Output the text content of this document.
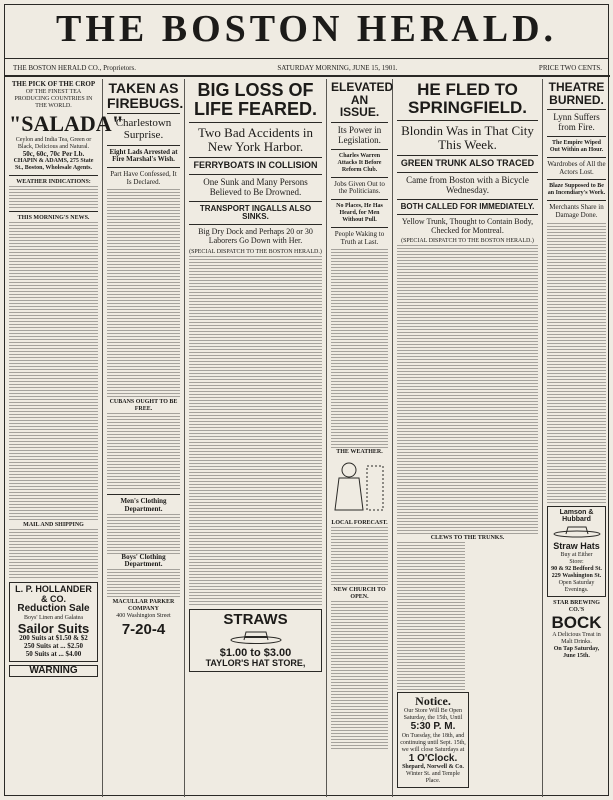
THE BOSTON HERALD.
THE BOSTON HERALD CO., Proprietors.	SATURDAY MORNING, JUNE 15, 1901.	PRICE TWO CENTS.
THE PICK OF THE CROP
OF THE FINEST TEA PRODUCING COUNTRIES IN THE WORLD.
"SALADA"
Ceylon and India Tea, Green or Black, Delicious and Natural.
50c, 60c, 70c Per Lb.
CHAPIN & ADAMS, 275 State St., Boston, Wholesale Agents.
WEATHER INDICATIONS:
THIS MORNING'S NEWS.
MAIL AND SHIPPING
L. P. HOLLANDER & CO.
Reduction Sale
Boys' Linen and Galatea
Sailor Suits
200 Suits at $1.50 & $2
250 Suits at ... $2.50
50 Suits at ... $4.00
WARNING
TAKEN AS FIREBUGS.
Charlestown Surprise.
Eight Lads Arrested at Fire Marshal's Wish.
Part Have Confessed, It Is Declared.
CUBANS OUGHT TO BE FREE.
Men's Clothing Department.
Boys' Clothing Department.
MACULLAR PARKER COMPANY
400 Washington Street
7-20-4
BIG LOSS OF LIFE FEARED.
Two Bad Accidents in New York Harbor.
FERRYBOATS IN COLLISION
One Sunk and Many Persons Believed to Be Drowned.
TRANSPORT INGALLS ALSO SINKS.
Big Dry Dock and Perhaps 20 or 30 Laborers Go Down with Her.
(SPECIAL DISPATCH TO THE BOSTON HERALD.)
STRAWS
$1.00 to $3.00
TAYLOR'S HAT STORE,
ELEVATED AN ISSUE.
Its Power in Legislation.
Charles Warren Attacks It Before Reform Club.
Jobs Given Out to the Politicians.
No Places, He Has Heard, for Men Without Pull.
People Waking to Truth at Last.
THE WEATHER.
LOCAL FORECAST.
NEW CHURCH TO OPEN.
HE FLED TO SPRINGFIELD.
Blondin Was in That City This Week.
GREEN TRUNK ALSO TRACED
Came from Boston with a Bicycle Wednesday.
BOTH CALLED FOR IMMEDIATELY.
Yellow Trunk, Thought to Contain Body, Checked for Montreal.
(SPECIAL DISPATCH TO THE BOSTON HERALD.)
CLEWS TO THE TRUNKS.

Notice.
Our Store Will Be Open Saturday, the 15th, Until
5:30 P. M.
On Tuesday, the 18th, and continuing until Sept. 15th, we will close Saturdays at
1 O'Clock.
Shepard, Norwell & Co.
Winter St. and Temple Place.
THEATRE BURNED.
Lynn Suffers from Fire.
The Empire Wiped Out Within an Hour.
Wardrobes of All the Actors Lost.
Blaze Supposed to Be an Incendiary's Work.
Merchants Share in Damage Done.
Lamson & Hubbard
Straw Hats
Buy at Either
Store:
90 & 92 Bedford St.
229 Washington St.
Open Saturday Evenings.
STAR BREWING CO.'S
BOCK
A Delicious Treat in Malt Drinks.
On Tap Saturday, June 15th.
